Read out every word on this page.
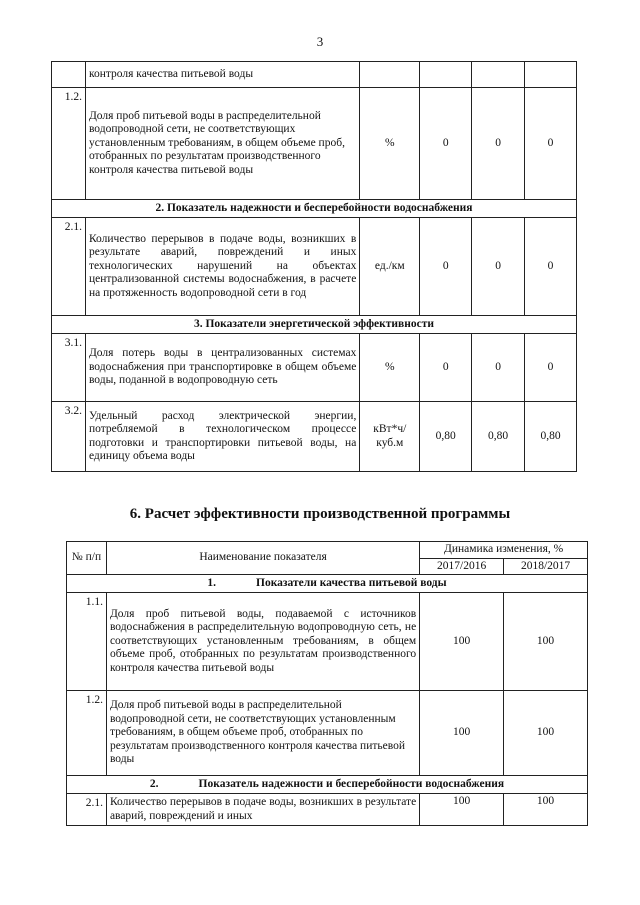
3
	контроля качества питьевой воды				
1.2.	Доля проб питьевой воды в распределительной водопроводной сети, не соответствующих установленным требованиям, в общем объеме проб, отобранных по результатам производственного контроля качества питьевой воды	%	0	0	0
2. Показатель надежности и бесперебойности водоснабжения					
2.1.	Количество перерывов в подаче воды, возникших в результате аварий, повреждений и иных технологических нарушений на объектах централизованной системы водоснабжения, в расчете на протяженность водопроводной сети в год	ед./км	0	0	0
3. Показатели энергетической эффективности					
3.1.	Доля потерь воды в централизованных системах водоснабжения при транспортировке в общем объеме воды, поданной в водопроводную сеть	%	0	0	0
3.2.	Удельный расход электрической энергии, потребляемой в технологическом процессе подготовки и транспортировки питьевой воды, на единицу объема воды	кВт*ч/ куб.м	0,80	0,80	0,80
6. Расчет эффективности производственной программы
№ п/п	Наименование показателя	Динамика изменения, %	
		2017/2016	2018/2017
1. Показатели качества питьевой воды			
1.1.	Доля проб питьевой воды, подаваемой с источников водоснабжения в распределительную водопроводную сеть, не соответствующих установленным требованиям, в общем объеме проб, отобранных по результатам производственного контроля качества питьевой воды	100	100
1.2.	Доля проб питьевой воды в распределительной водопроводной сети, не соответствующих установленным требованиям, в общем объеме проб, отобранных по результатам производственного контроля качества питьевой воды	100	100
2. Показатель надежности и бесперебойности водоснабжения			
2.1.	Количество перерывов в подаче воды, возникших в результате аварий, повреждений и иных	100	100
